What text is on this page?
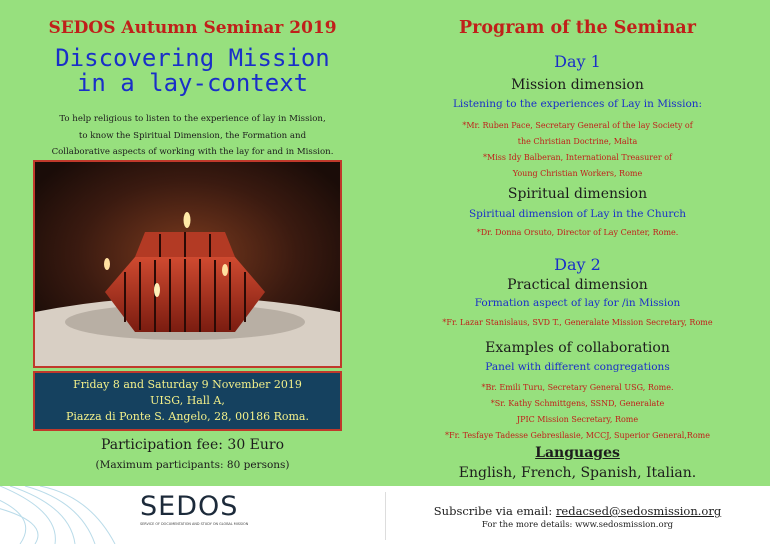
SEDOS Autumn Seminar 2019
Discovering Mission
in a lay-context
To help religious to listen to the experience of lay in Mission,
to know the Spiritual Dimension, the Formation and
Collaborative aspects of working with the lay for and in Mission.
Friday 8 and Saturday 9 November 2019
UISG, Hall A,
Piazza di Ponte S. Angelo, 28, 00186 Roma.
Participation fee: 30 Euro
(Maximum participants: 80 persons)
Program of the Seminar
Day 1
Mission dimension
Listening to the experiences of Lay in Mission:
*Mr. Ruben Pace, Secretary General of the lay Society of
the Christian Doctrine, Malta
*Miss Idy Balberan, International Treasurer of
Young Christian Workers, Rome
Spiritual dimension
Spiritual dimension of Lay in the Church
*Dr. Donna Orsuto, Director of Lay Center, Rome.
Day 2
Practical dimension
Formation aspect of lay for /in Mission
*Fr. Lazar Stanislaus, SVD T., Generalate Mission Secretary, Rome
Examples of collaboration
Panel with different congregations
*Br. Emili Turu, Secretary General USG, Rome.
*Sr. Kathy Schmittgens, SSND, Generalate
JPIC Mission Secretary, Rome
*Fr. Tesfaye Tadesse Gebresilasie, MCCJ, Superior General,Rome
Languages
English, French, Spanish, Italian.
SEDOS
SERVICE OF DOCUMENTATION AND STUDY ON GLOBAL MISSION
Subscribe via email: redacsed@sedosmission.org
For the more details: www.sedosmission.org
